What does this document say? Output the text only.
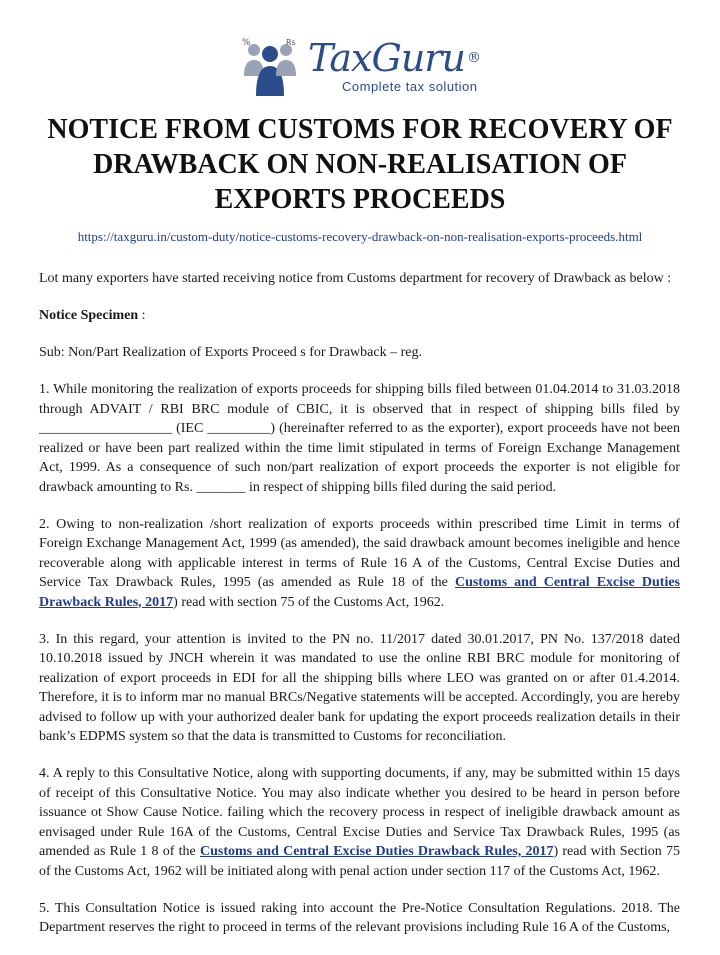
%	Rs TaxGuru ®
Complete tax solution
NOTICE FROM CUSTOMS FOR RECOVERY OF DRAWBACK ON NON-REALISATION OF EXPORTS PROCEEDS
https://taxguru.in/custom-duty/notice-customs-recovery-drawback-on-non-realisation-exports-proceeds.html

Lot many exporters have started receiving notice from Customs department for recovery of Drawback as below :

Notice Specimen :

Sub: Non/Part Realization of Exports Proceed s for Drawback – reg.

1. While monitoring the realization of exports proceeds for shipping bills filed between 01.04.2014 to 31.03.2018 through ADVAIT / RBI BRC module of CBIC, it is observed that in respect of shipping bills filed by ___________________ (IEC _________) (hereinafter referred to as the exporter), export proceeds have not been realized or have been part realized within the time limit stipulated in terms of Foreign Exchange Management Act, 1999. As a consequence of such non/part realization of export proceeds the exporter is not eligible for drawback amounting to Rs. _______ in respect of shipping bills filed during the said period.

2. Owing to non-realization /short realization of exports proceeds within prescribed time Limit in terms of Foreign Exchange Management Act, 1999 (as amended), the said drawback amount becomes ineligible and hence recoverable along with applicable interest in terms of Rule 16 A of the Customs, Central Excise Duties and Service Tax Drawback Rules, 1995 (as amended as Rule 18 of the Customs and Central Excise Duties Drawback Rules, 2017) read with section 75 of the Customs Act, 1962.

3. In this regard, your attention is invited to the PN no. 11/2017 dated 30.01.2017, PN No. 137/2018 dated 10.10.2018 issued by JNCH wherein it was mandated to use the online RBI BRC module for monitoring of realization of export proceeds in EDI for all the shipping bills where LEO was granted on or after 01.4.2014. Therefore, it is to inform mar no manual BRCs/Negative statements will be accepted. Accordingly, you are hereby advised to follow up with your authorized dealer bank for updating the export proceeds realization details in their bank’s EDPMS system so that the data is transmitted to Customs for reconciliation.

4. A reply to this Consultative Notice, along with supporting documents, if any, may be submitted within 15 days of receipt of this Consultative Notice. You may also indicate whether you desired to be heard in person before issuance ot Show Cause Notice. failing which the recovery process in respect of ineligible drawback amount as envisaged under Rule 16A of the Customs, Central Excise Duties and Service Tax Drawback Rules, 1995 (as amended as Rule 1 8 of the Customs and Central Excise Duties Drawback Rules, 2017) read with Section 75 of the Customs Act, 1962 will be initiated along with penal action under section 117 of the Customs Act, 1962.

5. This Consultation Notice is issued raking into account the Pre-Notice Consultation Regulations. 2018. The Department reserves the right to proceed in terms of the relevant provisions including Rule 16 A of the Customs,
